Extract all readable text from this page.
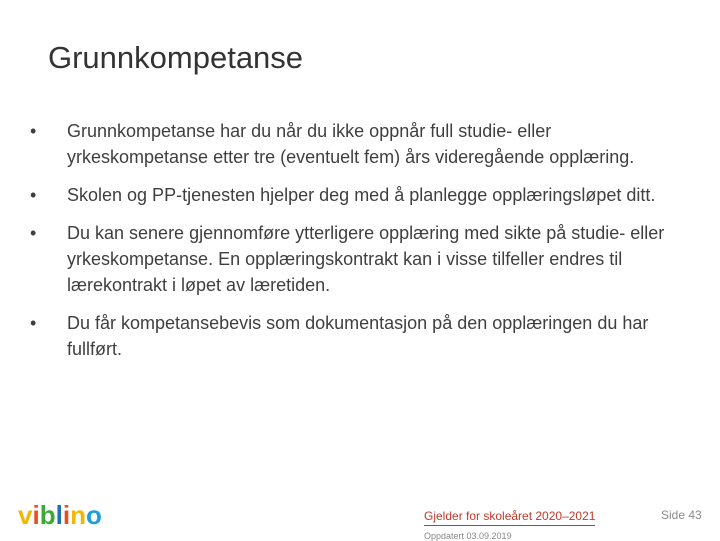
Grunnkompetanse
•	Grunnkompetanse har du når du ikke oppnår full studie- eller yrkeskompetanse etter tre (eventuelt fem) års videregående opplæring.
•	Skolen og PP-tjenesten hjelper deg med å planlegge opplæringsløpet ditt.
•	Du kan senere gjennomføre ytterligere opplæring med sikte på studie- eller yrkeskompetanse. En opplæringskontrakt kan i visse tilfeller endres til lærekontrakt i løpet av læretiden.
•	Du får kompetansebevis som dokumentasjon på den opplæringen du har fullført.
viblino	Gjelder for skoleåret 2020–2021
Oppdatert 03.09.2019
Side 43
